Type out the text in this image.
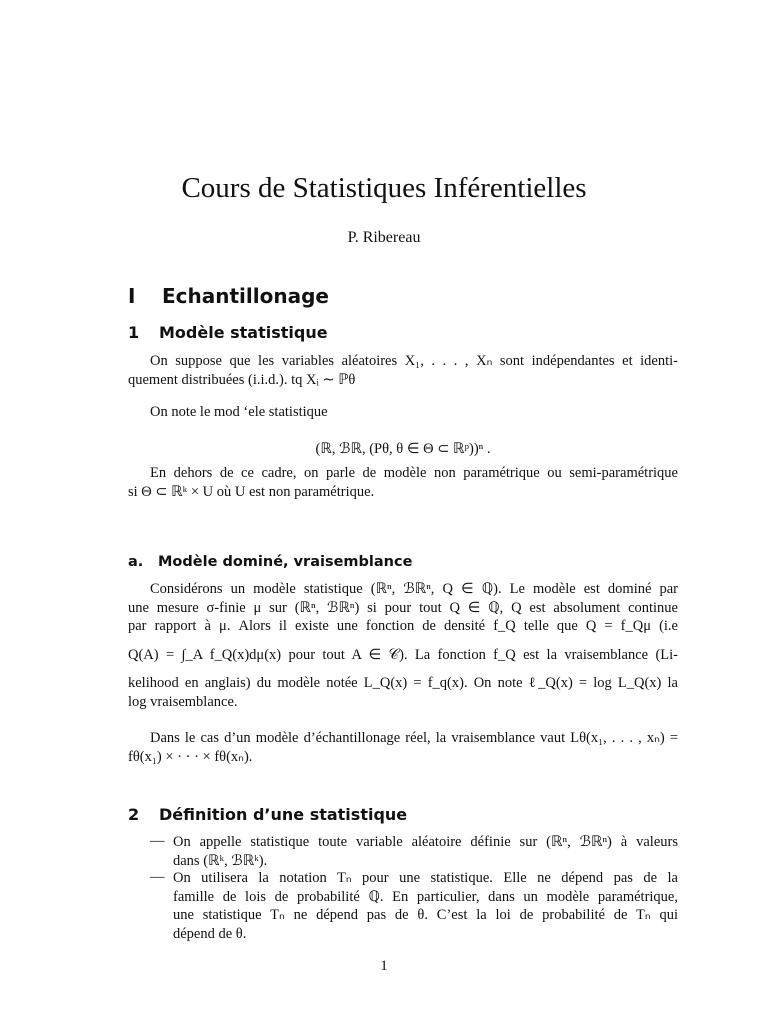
Cours de Statistiques Inférentielles
P. Ribereau
I Echantillonage
1 Modèle statistique
On suppose que les variables aléatoires X₁, . . . , Xₙ sont indépendantes et identi-
quement distribuées (i.i.d.). tq Xᵢ ∼ ℙθ
On note le mod ‘ele statistique
(ℝ, ℬℝ, (Pθ, θ ∈ Θ ⊂ ℝᵖ))ⁿ .
En dehors de ce cadre, on parle de modèle non paramétrique ou semi-paramétrique
si Θ ⊂ ℝᵏ × U où U est non paramétrique.
a. Modèle dominé, vraisemblance
Considérons un modèle statistique (ℝⁿ, ℬℝⁿ, Q ∈ ℚ). Le modèle est dominé par
une mesure σ-finie μ sur (ℝⁿ, ℬℝⁿ) si pour tout Q ∈ ℚ, Q est absolument continue
par rapport à μ. Alors il existe une fonction de densité f_Q telle que Q = f_Qμ (i.e
Q(A) = ∫_A f_Q(x)dμ(x) pour tout A ∈ 𝒞). La fonction f_Q est la vraisemblance (Li-
kelihood en anglais) du modèle notée L_Q(x) = f_q(x). On note ℓ_Q(x) = log L_Q(x) la
log vraisemblance.
Dans le cas d’un modèle d’échantillonage réel, la vraisemblance vaut Lθ(x₁, . . . , xₙ) =
fθ(x₁) × · · · × fθ(xₙ).
2 Définition d’une statistique
— On appelle statistique toute variable aléatoire définie sur (ℝⁿ, ℬℝⁿ) à valeurs
dans (ℝᵏ, ℬℝᵏ).
— On utilisera la notation Tₙ pour une statistique. Elle ne dépend pas de la
famille de lois de probabilité ℚ. En particulier, dans un modèle paramétrique,
une statistique Tₙ ne dépend pas de θ. C’est la loi de probabilité de Tₙ qui
dépend de θ.
1
